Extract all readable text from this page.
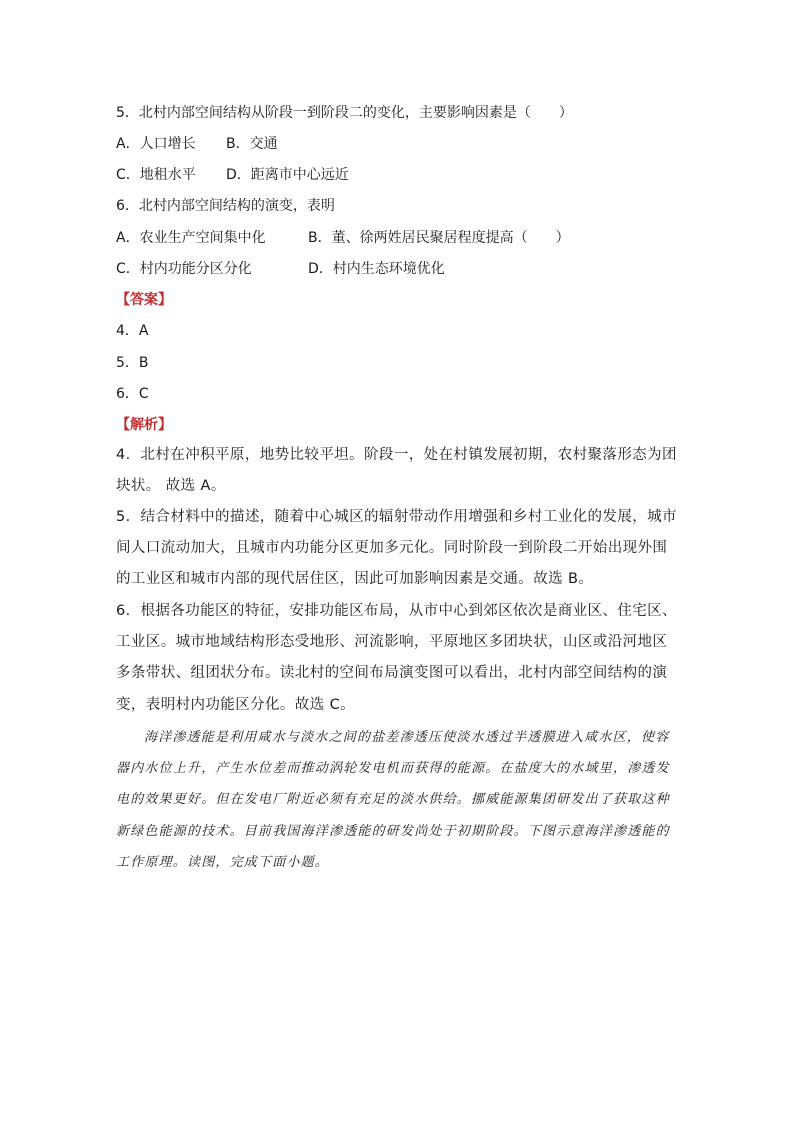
5．北村内部空间结构从阶段一到阶段二的变化，主要影响因素是（　　）
A．人口增长	B．交通
C．地租水平	D．距离市中心远近
6．北村内部空间结构的演变，表明
A．农业生产空间集中化	B．董、徐两姓居民聚居程度提高（　　）
C．村内功能分区分化	D．村内生态环境优化
【答案】
4．A
5．B
6．C
【解析】
4．北村在冲积平原，地势比较平坦。阶段一，处在村镇发展初期，农村聚落形态为团块状。 故选 A。
5．结合材料中的描述，随着中心城区的辐射带动作用增强和乡村工业化的发展，城市间人口流动加大，且城市内功能分区更加多元化。同时阶段一到阶段二开始出现外围的工业区和城市内部的现代居住区，因此可加影响因素是交通。故选 B。
6．根据各功能区的特征，安排功能区布局，从市中心到郊区依次是商业区、住宅区、工业区。城市地域结构形态受地形、河流影响，平原地区多团块状，山区或沿河地区多条带状、组团状分布。读北村的空间布局演变图可以看出，北村内部空间结构的演变，表明村内功能区分化。故选 C。
海洋渗透能是利用咸水与淡水之间的盐差渗透压使淡水透过半透膜进入咸水区，使容器内水位上升，产生水位差而推动涡轮发电机而获得的能源。在盐度大的水域里，渗透发电的效果更好。但在发电厂附近必须有充足的淡水供给。挪威能源集团研发出了获取这种新绿色能源的技术。目前我国海洋渗透能的研发尚处于初期阶段。下图示意海洋渗透能的工作原理。读图，完成下面小题。
